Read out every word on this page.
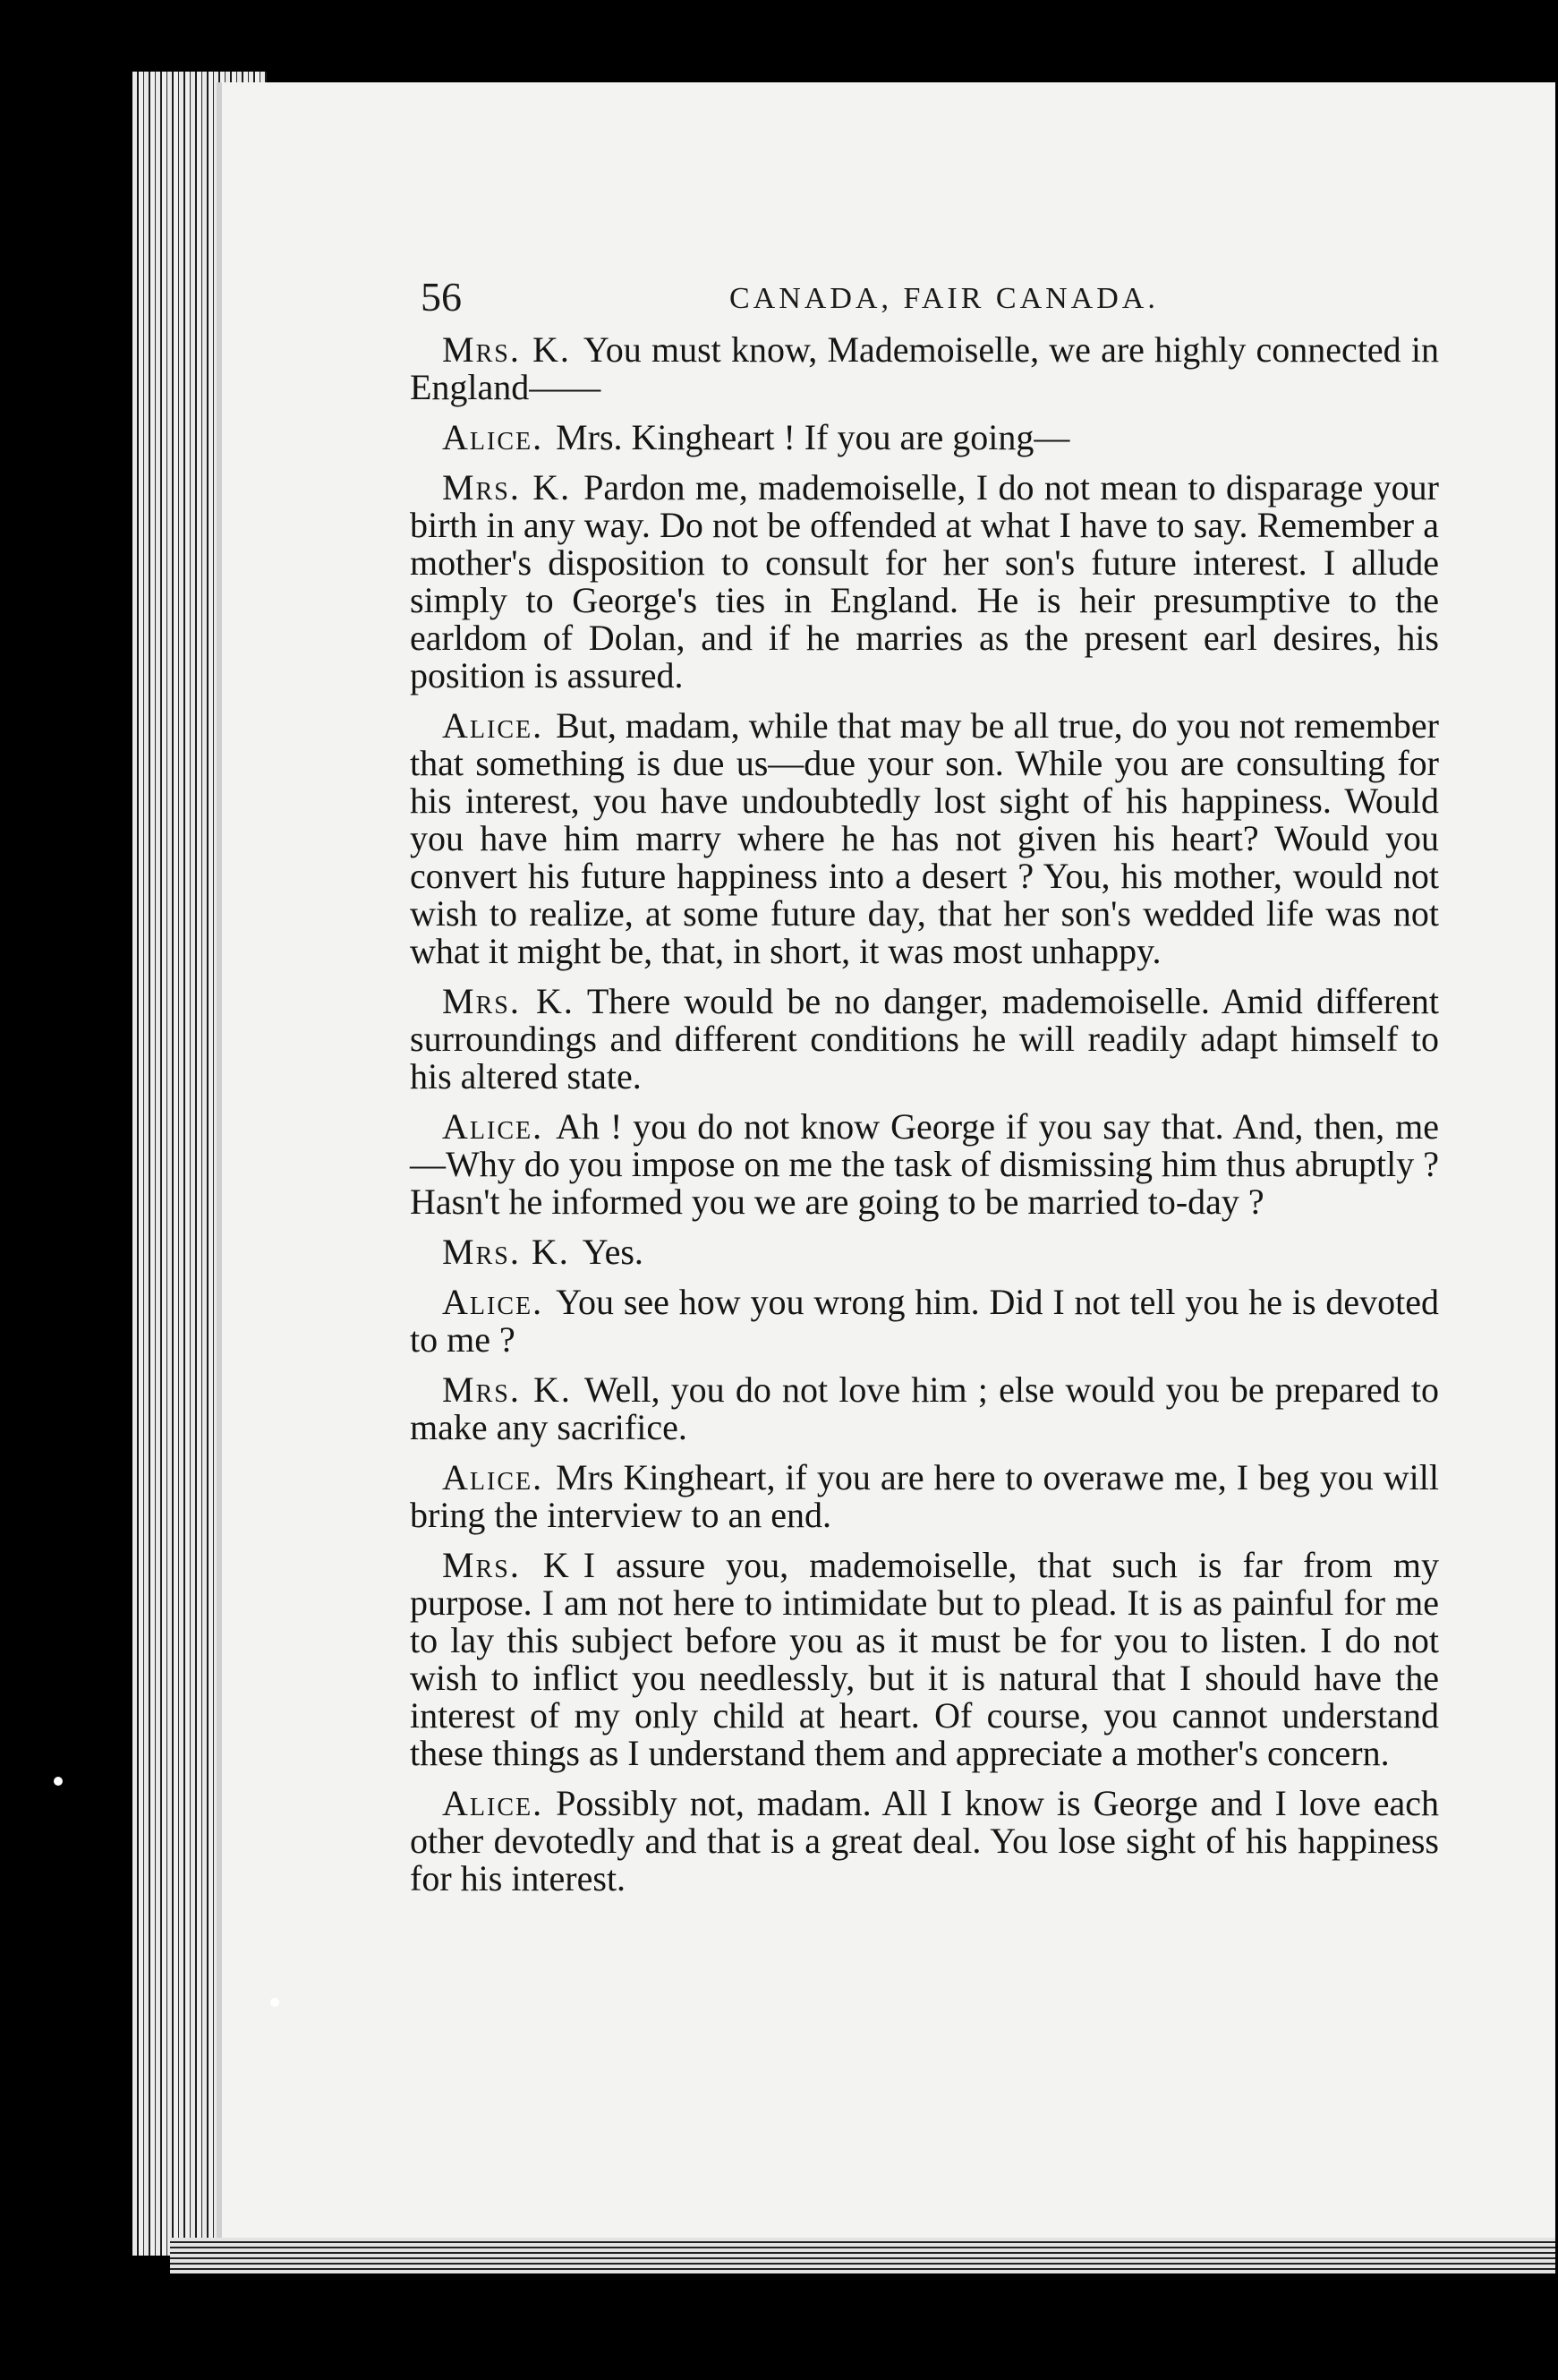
56	CANADA, FAIR CANADA.

Mrs. K. You must know, Mademoiselle, we are highly connected in England——

Alice. Mrs. Kingheart ! If you are going—

Mrs. K. Pardon me, mademoiselle, I do not mean to disparage your birth in any way. Do not be offended at what I have to say. Remember a mother's disposition to consult for her son's future interest. I allude simply to George's ties in England. He is heir presumptive to the earldom of Dolan, and if he marries as the present earl desires, his position is assured.

Alice. But, madam, while that may be all true, do you not remember that something is due us—due your son. While you are consulting for his interest, you have undoubtedly lost sight of his happiness. Would you have him marry where he has not given his heart? Would you convert his future happiness into a desert ? You, his mother, would not wish to realize, at some future day, that her son's wedded life was not what it might be, that, in short, it was most unhappy.

Mrs. K. There would be no danger, mademoiselle. Amid different surroundings and different conditions he will readily adapt himself to his altered state.

Alice. Ah ! you do not know George if you say that. And, then, me—Why do you impose on me the task of dismissing him thus abruptly ? Hasn't he informed you we are going to be married to-day ?

Mrs. K. Yes.

Alice. You see how you wrong him. Did I not tell you he is devoted to me ?

Mrs. K. Well, you do not love him ; else would you be prepared to make any sacrifice.

Alice. Mrs Kingheart, if you are here to overawe me, I beg you will bring the interview to an end.

Mrs. K I assure you, mademoiselle, that such is far from my purpose. I am not here to intimidate but to plead. It is as painful for me to lay this subject before you as it must be for you to listen. I do not wish to inflict you needlessly, but it is natural that I should have the interest of my only child at heart. Of course, you cannot understand these things as I understand them and appreciate a mother's concern.

Alice. Possibly not, madam. All I know is George and I love each other devotedly and that is a great deal. You lose sight of his happiness for his interest.
